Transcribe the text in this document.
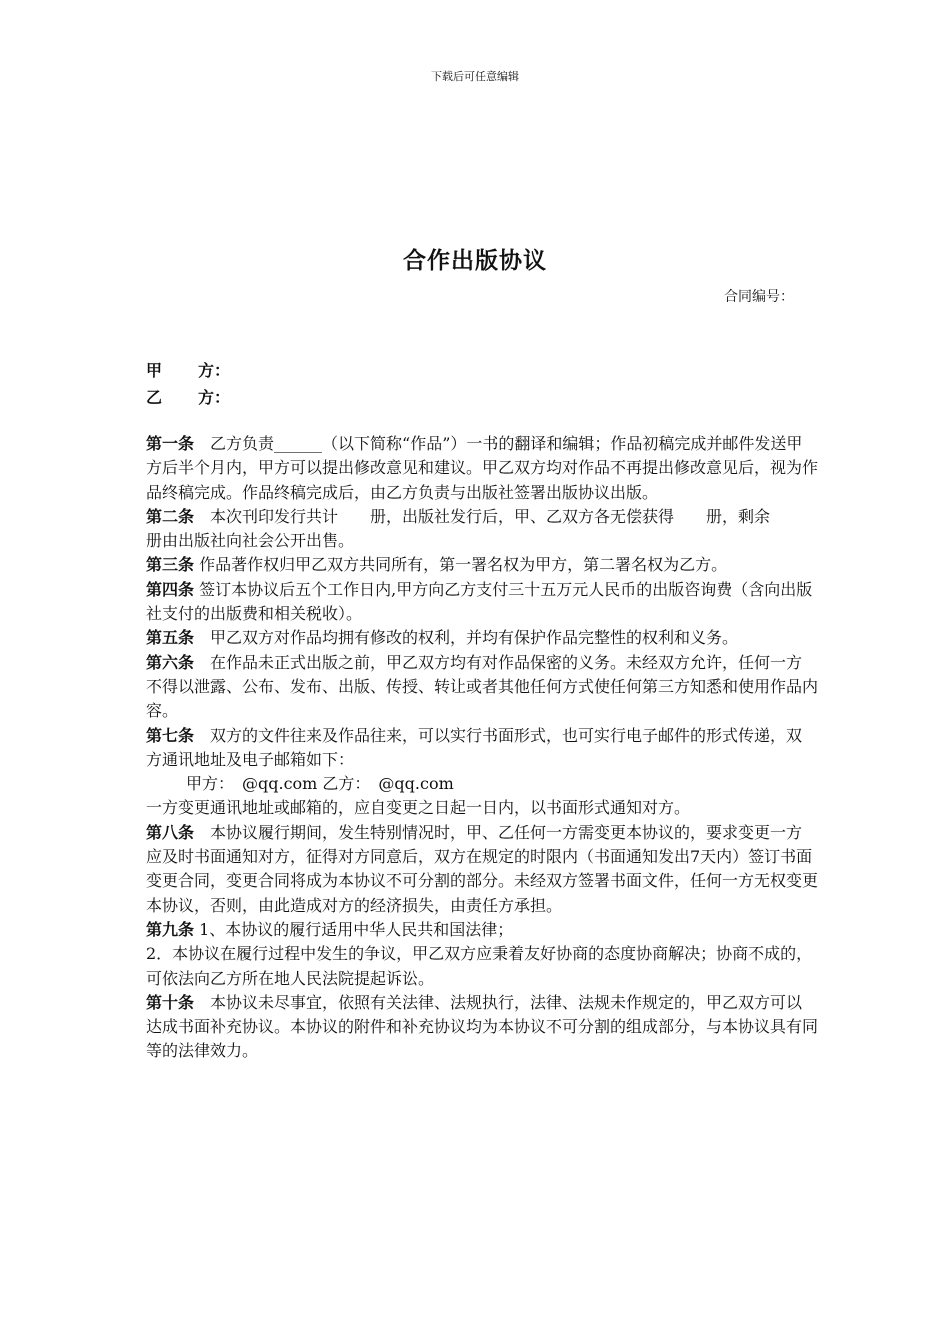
下载后可任意编辑
合作出版协议
合同编号：
甲 方：
乙 方：

第一条　乙方负责______（以下简称“作品”）一书的翻译和编辑；作品初稿完成并邮件发送甲方后半个月内，甲方可以提出修改意见和建议。甲乙双方均对作品不再提出修改意见后，视为作品终稿完成。作品终稿完成后，由乙方负责与出版社签署出版协议出版。

第二条　本次刊印发行共计　　册，出版社发行后，甲、乙双方各无偿获得　　册，剩余　　册由出版社向社会公开出售。

第三条 作品著作权归甲乙双方共同所有，第一署名权为甲方，第二署名权为乙方。

第四条 签订本协议后五个工作日内,甲方向乙方支付三十五万元人民币的出版咨询费（含向出版社支付的出版费和相关税收）。

第五条　甲乙双方对作品均拥有修改的权利，并均有保护作品完整性的权利和义务。

第六条　在作品未正式出版之前，甲乙双方均有对作品保密的义务。未经双方允许，任何一方不得以泄露、公布、发布、出版、传授、转让或者其他任何方式使任何第三方知悉和使用作品内容。

第七条　双方的文件往来及作品往来，可以实行书面形式，也可实行电子邮件的形式传递，双方通讯地址及电子邮箱如下：

甲方：　@qq.com 乙方：　@qq.com

一方变更通讯地址或邮箱的，应自变更之日起一日内，以书面形式通知对方。

第八条　本协议履行期间，发生特别情况时，甲、乙任何一方需变更本协议的，要求变更一方应及时书面通知对方，征得对方同意后，双方在规定的时限内（书面通知发出7天内）签订书面变更合同，变更合同将成为本协议不可分割的部分。未经双方签署书面文件，任何一方无权变更本协议，否则，由此造成对方的经济损失，由责任方承担。

第九条 1、本协议的履行适用中华人民共和国法律；

2．本协议在履行过程中发生的争议，甲乙双方应秉着友好协商的态度协商解决；协商不成的，可依法向乙方所在地人民法院提起诉讼。

第十条　本协议未尽事宜，依照有关法律、法规执行，法律、法规未作规定的，甲乙双方可以达成书面补充协议。本协议的附件和补充协议均为本协议不可分割的组成部分，与本协议具有同等的法律效力。
